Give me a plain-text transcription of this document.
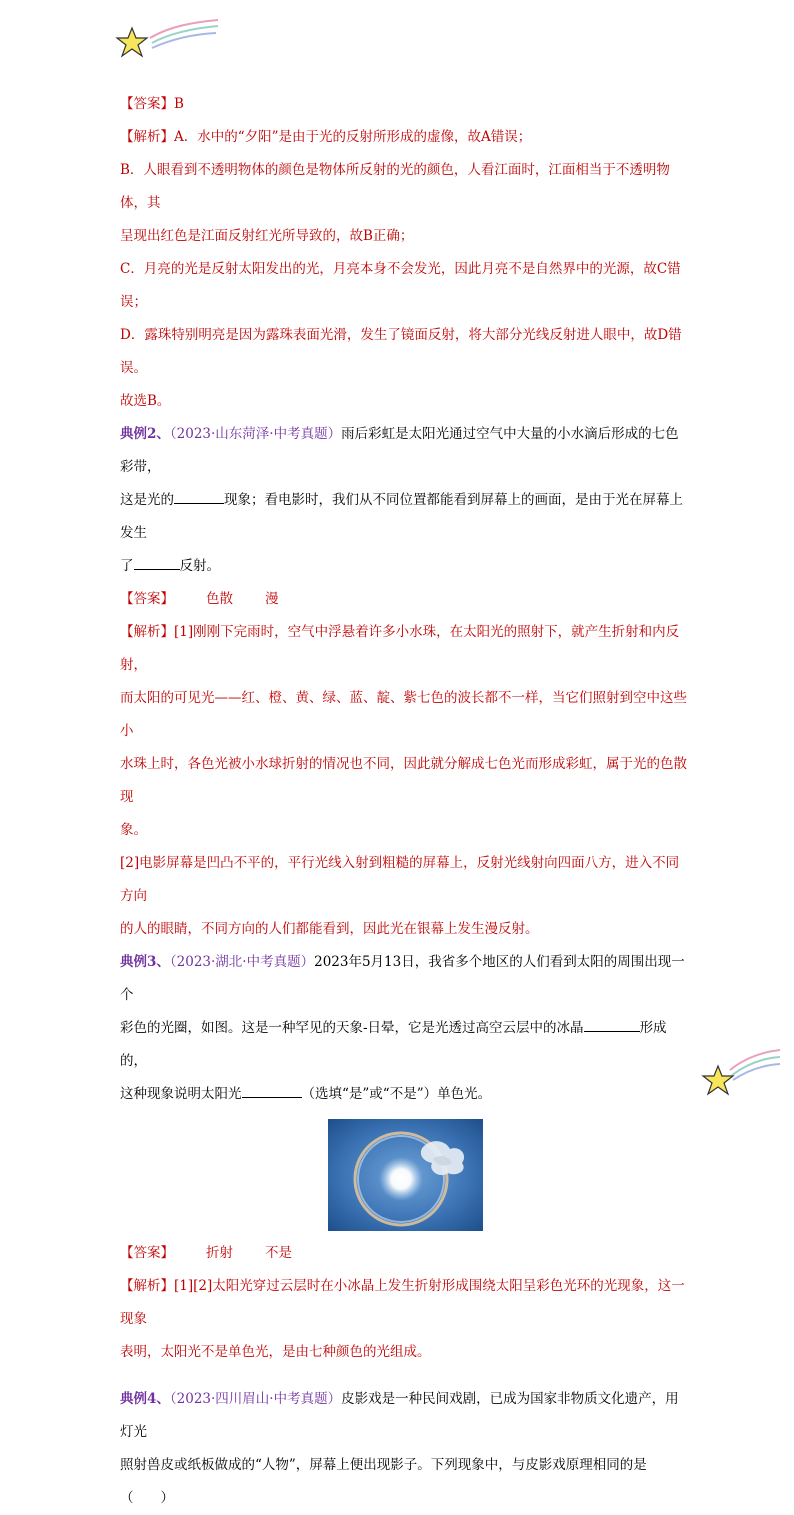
【答案】B

【解析】A．水中的“夕阳”是由于光的反射所形成的虚像，故A错误；

B．人眼看到不透明物体的颜色是物体所反射的光的颜色，人看江面时，江面相当于不透明物体，其

呈现出红色是江面反射红光所导致的，故B正确；

C．月亮的光是反射太阳发出的光，月亮本身不会发光，因此月亮不是自然界中的光源，故C错误；

D．露珠特别明亮是因为露珠表面光滑，发生了镜面反射，将大部分光线反射进人眼中，故D错误。

故选B。

典例2、（2023·山东菏泽·中考真题）雨后彩虹是太阳光通过空气中大量的小水滴后形成的七色彩带，

这是光的	现象；看电影时，我们从不同位置都能看到屏幕上的画面，是由于光在屏幕上发生

了	反射。

【答案】 色散 漫

【解析】[1]刚刚下完雨时，空气中浮悬着许多小水珠，在太阳光的照射下，就产生折射和内反射，

而太阳的可见光——红、橙、黄、绿、蓝、靛、紫七色的波长都不一样，当它们照射到空中这些小

水珠上时，各色光被小水球折射的情况也不同，因此就分解成七色光而形成彩虹，属于光的色散现

象。

[2]电影屏幕是凹凸不平的，平行光线入射到粗糙的屏幕上，反射光线射向四面八方，进入不同方向

的人的眼睛，不同方向的人们都能看到，因此光在银幕上发生漫反射。

典例3、（2023·湖北·中考真题）2023年5月13日，我省多个地区的人们看到太阳的周围出现一个

彩色的光圈，如图。这是一种罕见的天象-日晕，它是光透过高空云层中的冰晶	形成的，

这种现象说明太阳光	（选填“是”或“不是”）单色光。

【答案】 折射 不是

【解析】[1][2]太阳光穿过云层时在小冰晶上发生折射形成围绕太阳呈彩色光环的光现象，这一现象

表明，太阳光不是单色光，是由七种颜色的光组成。

典例4、（2023·四川眉山·中考真题）皮影戏是一种民间戏剧，已成为国家非物质文化遗产，用灯光

照射兽皮或纸板做成的“人物”，屏幕上便出现影子。下列现象中，与皮影戏原理相同的是（　　）
